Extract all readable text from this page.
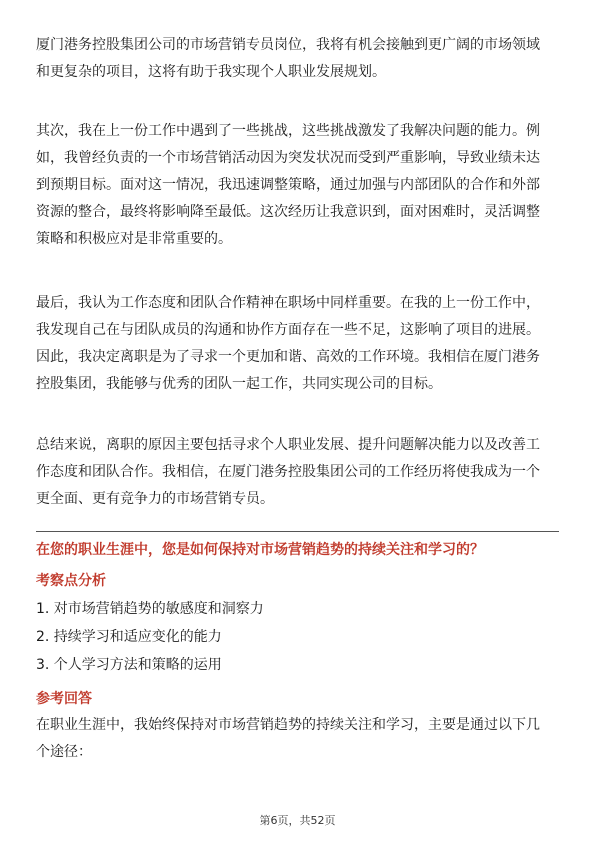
厦门港务控股集团公司的市场营销专员岗位，我将有机会接触到更广阔的市场领域
和更复杂的项目，这将有助于我实现个人职业发展规划。
其次，我在上一份工作中遇到了一些挑战，这些挑战激发了我解决问题的能力。例
如，我曾经负责的一个市场营销活动因为突发状况而受到严重影响，导致业绩未达
到预期目标。面对这一情况，我迅速调整策略，通过加强与内部团队的合作和外部
资源的整合，最终将影响降至最低。这次经历让我意识到，面对困难时，灵活调整
策略和积极应对是非常重要的。
最后，我认为工作态度和团队合作精神在职场中同样重要。在我的上一份工作中，
我发现自己在与团队成员的沟通和协作方面存在一些不足，这影响了项目的进展。
因此，我决定离职是为了寻求一个更加和谐、高效的工作环境。我相信在厦门港务
控股集团，我能够与优秀的团队一起工作，共同实现公司的目标。
总结来说，离职的原因主要包括寻求个人职业发展、提升问题解决能力以及改善工
作态度和团队合作。我相信，在厦门港务控股集团公司的工作经历将使我成为一个
更全面、更有竞争力的市场营销专员。
在您的职业生涯中，您是如何保持对市场营销趋势的持续关注和学习的？
考察点分析
1. 对市场营销趋势的敏感度和洞察力
2. 持续学习和适应变化的能力
3. 个人学习方法和策略的运用
参考回答
在职业生涯中，我始终保持对市场营销趋势的持续关注和学习，主要是通过以下几
个途径：
第6页，共52页
